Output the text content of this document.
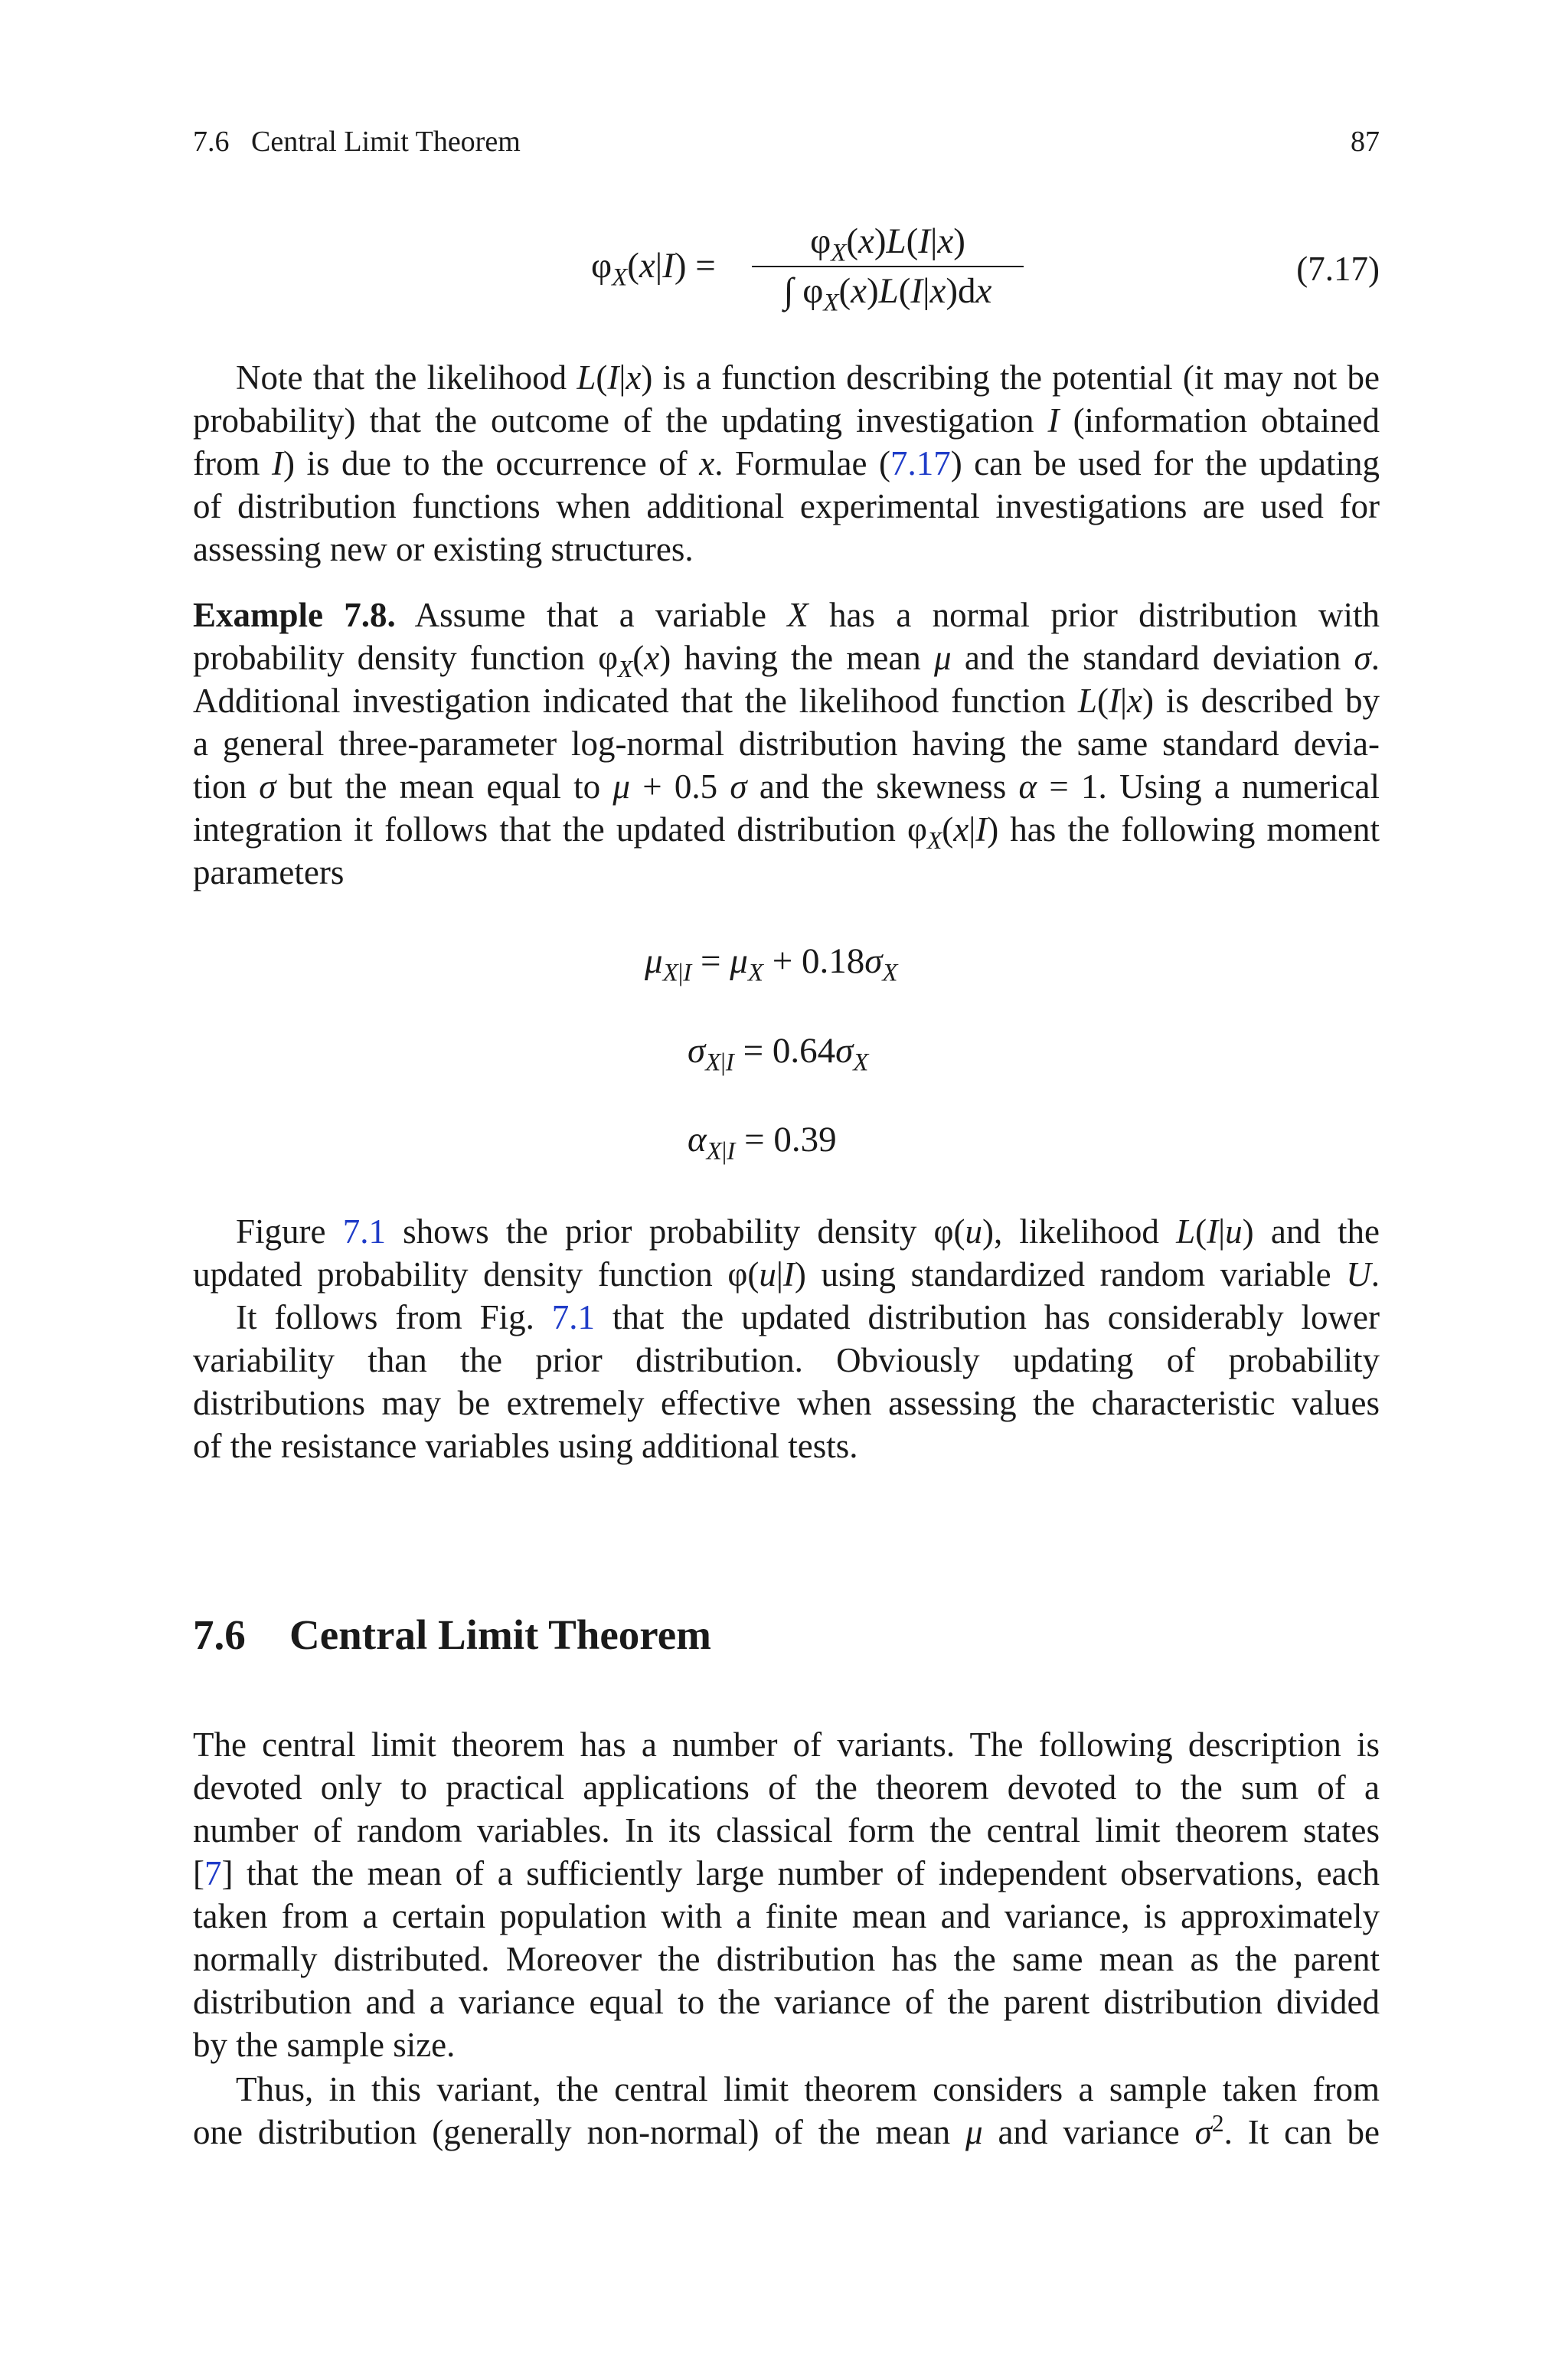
7.6   Central Limit Theorem	87
$\varphi_X(x|I)$ =
$\varphi_X(x)L(I|x)$
∫ $\varphi_X(x)L(I|x)dx$
(7.17)
Note that the likelihood L(I|x) is a function describing the potential (it may not be
probability) that the outcome of the updating investigation I (information obtained
from I) is due to the occurrence of x. Formulae (7.17) can be used for the updating
of distribution functions when additional experimental investigations are used for
assessing new or existing structures.
Example 7.8. Assume that a variable X has a normal prior distribution with
probability density function $\varphi_X(x)$ having the mean μ and the standard deviation σ.
Additional investigation indicated that the likelihood function L(I|x) is described by
a general three-parameter log-normal distribution having the same standard devia-
tion σ but the mean equal to μ + 0.5 σ and the skewness α = 1. Using a numerical
integration it follows that the updated distribution $\varphi_X(x|I)$ has the following moment
parameters
$\mu_{X|I} = \mu_X + 0.18\sigma_X$
$\sigma_{X|I} = 0.64\sigma_X$
$\alpha_{X|I} = 0.39$
Figure 7.1 shows the prior probability density φ(u), likelihood L(I|u) and the
updated probability density function φ(u|I) using standardized random variable U.
It follows from Fig. 7.1 that the updated distribution has considerably lower
variability than the prior distribution. Obviously updating of probability
distributions may be extremely effective when assessing the characteristic values
of the resistance variables using additional tests.
7.6 Central Limit Theorem
The central limit theorem has a number of variants. The following description is
devoted only to practical applications of the theorem devoted to the sum of a
number of random variables. In its classical form the central limit theorem states
[7] that the mean of a sufficiently large number of independent observations, each
taken from a certain population with a finite mean and variance, is approximately
normally distributed. Moreover the distribution has the same mean as the parent
distribution and a variance equal to the variance of the parent distribution divided
by the sample size.
Thus, in this variant, the central limit theorem considers a sample taken from
one distribution (generally non-normal) of the mean μ and variance $\sigma^2$. It can be
